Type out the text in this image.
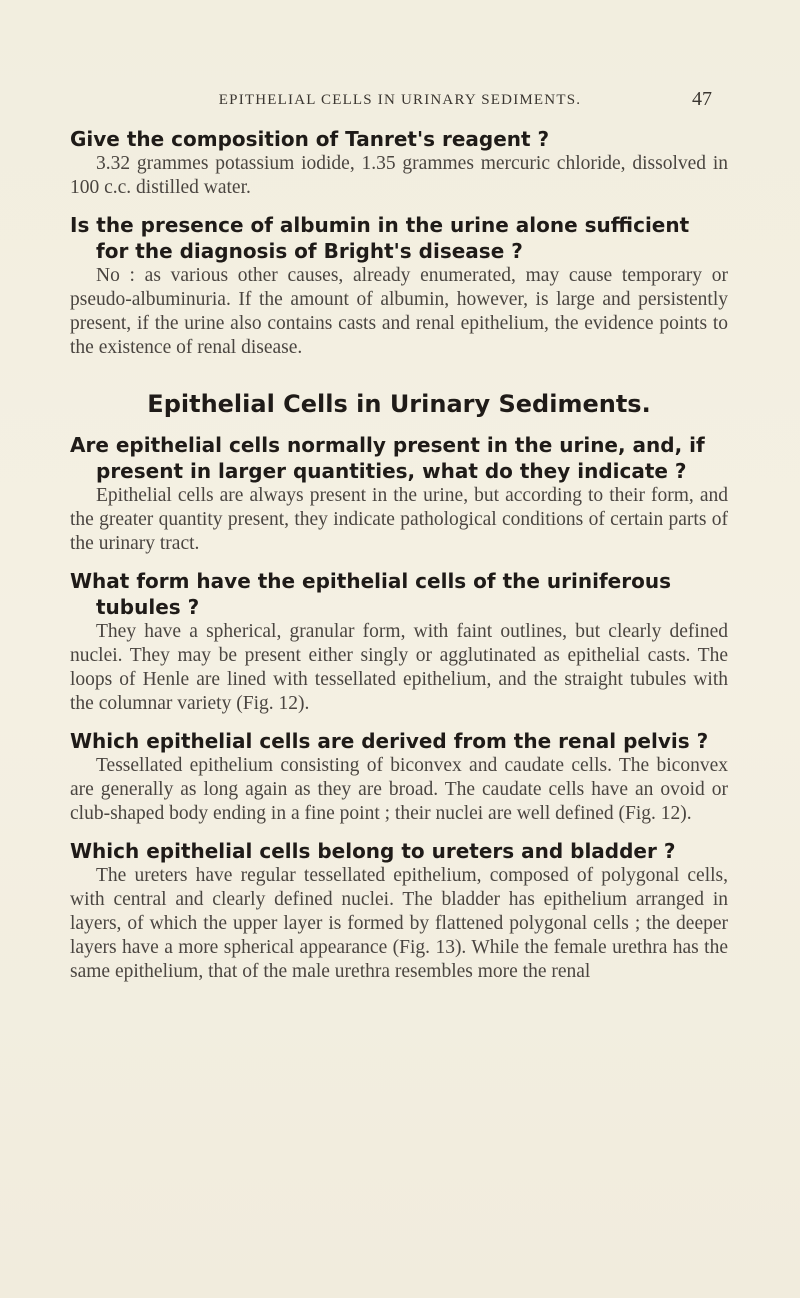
EPITHELIAL CELLS IN URINARY SEDIMENTS.	47

Give the composition of Tanret's reagent ?

3.32 grammes potassium iodide, 1.35 grammes mercuric chloride, dissolved in 100 c.c. distilled water.

Is the presence of albumin in the urine alone sufficient for the diagnosis of Bright's disease ?

No : as various other causes, already enumerated, may cause temporary or pseudo-albuminuria. If the amount of albumin, however, is large and persistently present, if the urine also contains casts and renal epithelium, the evidence points to the existence of renal disease.

Epithelial Cells in Urinary Sediments.

Are epithelial cells normally present in the urine, and, if present in larger quantities, what do they indicate ?

Epithelial cells are always present in the urine, but according to their form, and the greater quantity present, they indicate pathological conditions of certain parts of the urinary tract.

What form have the epithelial cells of the uriniferous tubules ?

They have a spherical, granular form, with faint outlines, but clearly defined nuclei. They may be present either singly or agglutinated as epithelial casts. The loops of Henle are lined with tessellated epithelium, and the straight tubules with the columnar variety (Fig. 12).

Which epithelial cells are derived from the renal pelvis ?

Tessellated epithelium consisting of biconvex and caudate cells. The biconvex are generally as long again as they are broad. The caudate cells have an ovoid or club-shaped body ending in a fine point ; their nuclei are well defined (Fig. 12).

Which epithelial cells belong to ureters and bladder ?

The ureters have regular tessellated epithelium, composed of polygonal cells, with central and clearly defined nuclei. The bladder has epithelium arranged in layers, of which the upper layer is formed by flattened polygonal cells ; the deeper layers have a more spherical appearance (Fig. 13). While the female urethra has the same epithelium, that of the male urethra resembles more the renal
